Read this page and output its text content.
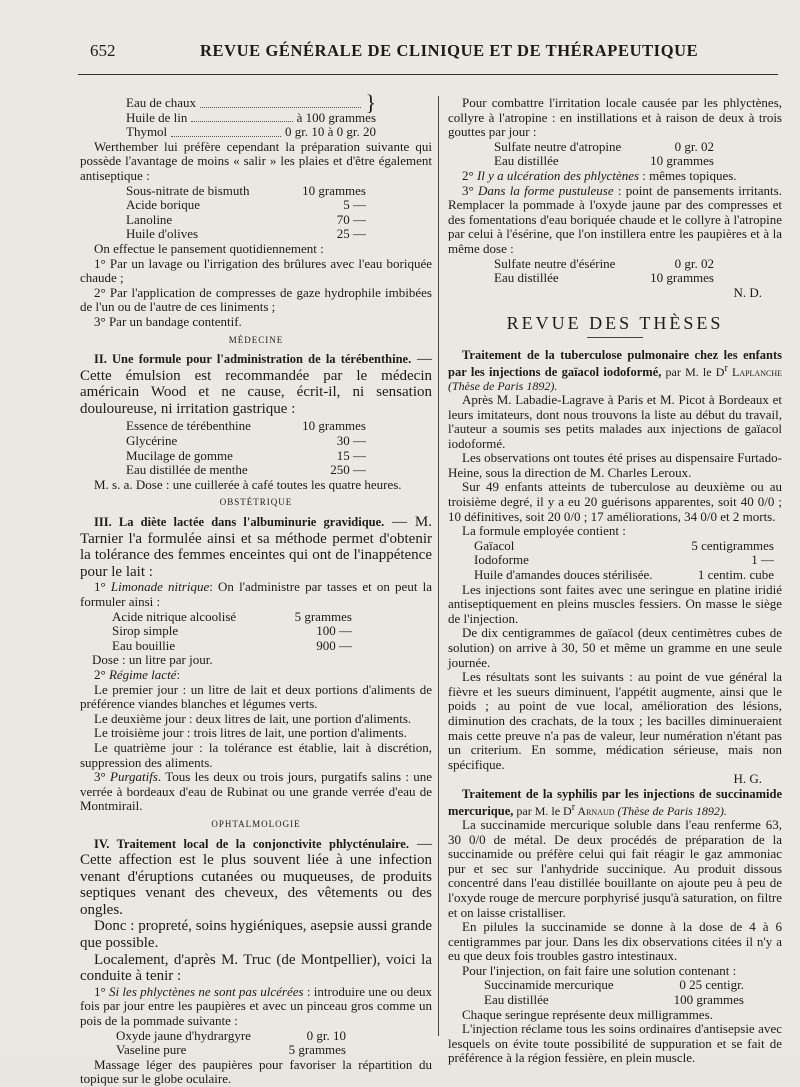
652	REVUE GÉNÉRALE DE CLINIQUE ET DE THÉRAPEUTIQUE
Eau de chaux	}
Huile de lin	à 100 grammes
Thymol	0 gr. 10 à 0 gr. 20

Werthember lui préfère cependant la préparation suivante qui possède l'avantage de moins « salir » les plaies et d'être également antiseptique :

Sous-nitrate de bismuth	10 grammes
Acide borique	5 —
Lanoline	70 —
Huile d'olives	25 —

On effectue le pansement quotidiennement :

1° Par un lavage ou l'irrigation des brûlures avec l'eau boriquée chaude ;

2° Par l'application de compresses de gaze hydrophile imbibées de l'un ou de l'autre de ces liniments ;

3° Par un bandage contentif.

MÉDECINE

II. Une formule pour l'administration de la térébenthine. — Cette émulsion est recommandée par le médecin américain Wood et ne cause, écrit-il, ni sensation douloureuse, ni irritation gastrique :

Essence de térébenthine	10 grammes
Glycérine	30 —
Mucilage de gomme	15 —
Eau distillée de menthe	250 —

M. s. a. Dose : une cuillerée à café toutes les quatre heures.

OBSTÉTRIQUE

III. La diète lactée dans l'albuminurie gravidique. — M. Tarnier l'a formulée ainsi et sa méthode permet d'obtenir la tolérance des femmes enceintes qui ont de l'inappétence pour le lait :

1° Limonade nitrique: On l'administre par tasses et on peut la formuler ainsi :

Acide nitrique alcoolisé	5 grammes
Sirop simple	100 —
Eau bouillie	900 —

Dose : un litre par jour.

2° Régime lacté:

Le premier jour : un litre de lait et deux portions d'aliments de préférence viandes blanches et légumes verts.

Le deuxième jour : deux litres de lait, une portion d'aliments.

Le troisième jour : trois litres de lait, une portion d'aliments.

Le quatrième jour : la tolérance est établie, lait à discrétion, suppression des aliments.

3° Purgatifs. Tous les deux ou trois jours, purgatifs salins : une verrée à bordeaux d'eau de Rubinat ou une grande verrée d'eau de Montmirail.

OPHTALMOLOGIE

IV. Traitement local de la conjonctivite phlycténulaire. — Cette affection est le plus souvent liée à une infection venant d'éruptions cutanées ou muqueuses, de produits septiques venant des cheveux, des vêtements ou des ongles.

Donc : propreté, soins hygiéniques, asepsie aussi grande que possible.

Localement, d'après M. Truc (de Montpellier), voici la conduite à tenir :

1° Si les phlyctènes ne sont pas ulcérées : introduire une ou deux fois par jour entre les paupières et avec un pinceau gros comme un pois de la pommade suivante :

Oxyde jaune d'hydrargyre	0 gr. 10
Vaseline pure	5 grammes

Massage léger des paupières pour favoriser la répartition du topique sur le globe oculaire.

Pour combattre l'irritation locale causée par les phlyctènes, collyre à l'atropine : en instillations et à raison de deux à trois gouttes par jour :

Sulfate neutre d'atropine	0 gr. 02
Eau distillée	10 grammes

2° Il y a ulcération des phlyctènes : mêmes topiques.

3° Dans la forme pustuleuse : point de pansements irritants. Remplacer la pommade à l'oxyde jaune par des compresses et des fomentations d'eau boriquée chaude et le collyre à l'atropine par celui à l'ésérine, que l'on instillera entre les paupières et à la même dose :

Sulfate neutre d'ésérine	0 gr. 02
Eau distillée	10 grammes
N. D.
REVUE DES THÈSES

Traitement de la tuberculose pulmonaire chez les enfants par les injections de gaïacol iodoformé, par M. le $D^r$ Laplanche (Thèse de Paris 1892).

Après M. Labadie-Lagrave à Paris et M. Picot à Bordeaux et leurs imitateurs, dont nous trouvons la liste au début du travail, l'auteur a soumis ses petits malades aux injections de gaïacol iodoformé.

Les observations ont toutes été prises au dispensaire Furtado-Heine, sous la direction de M. Charles Leroux.

Sur 49 enfants atteints de tuberculose au deuxième ou au troisième degré, il y a eu 20 guérisons apparentes, soit 40 0/0 ; 10 définitives, soit 20 0/0 ; 17 améliorations, 34 0/0 et 2 morts.

La formule employée contient :

Gaïacol	5 centigrammes
Iodoforme	1 —
Huile d'amandes douces stérilisée.	1 centim. cube

Les injections sont faites avec une seringue en platine iridié antiseptiquement en pleins muscles fessiers. On masse le siège de l'injection.

De dix centigrammes de gaïacol (deux centimètres cubes de solution) on arrive à 30, 50 et même un gramme en une seule journée.

Les résultats sont les suivants : au point de vue général la fièvre et les sueurs diminuent, l'appétit augmente, ainsi que le poids ; au point de vue local, amélioration des lésions, diminution des crachats, de la toux ; les bacilles diminueraient mais cette preuve n'a pas de valeur, leur numération n'étant pas un criterium. En somme, médication sérieuse, mais non spécifique.

H. G.

Traitement de la syphilis par les injections de succinamide mercurique, par M. le $D^r$ Arnaud (Thèse de Paris 1892).

La succinamide mercurique soluble dans l'eau renferme 63, 30 0/0 de métal. De deux procédés de préparation de la succinamide ou préfère celui qui fait réagir le gaz ammoniac pur et sec sur l'anhydride succinique. Au produit dissous concentré dans l'eau distillée bouillante on ajoute peu à peu de l'oxyde rouge de mercure porphyrisé jusqu'à saturation, on filtre et on laisse cristalliser.

En pilules la succinamide se donne à la dose de 4 à 6 centigrammes par jour. Dans les dix observations citées il n'y a eu que deux fois troubles gastro intestinaux.

Pour l'injection, on fait faire une solution contenant :

Succinamide mercurique	0 25 centigr.
Eau distillée	100 grammes

Chaque seringue représente deux milligrammes.

L'injection réclame tous les soins ordinaires d'antisepsie avec lesquels on évite toute possibilité de suppuration et se fait de préférence à la région fessière, en plein muscle.
